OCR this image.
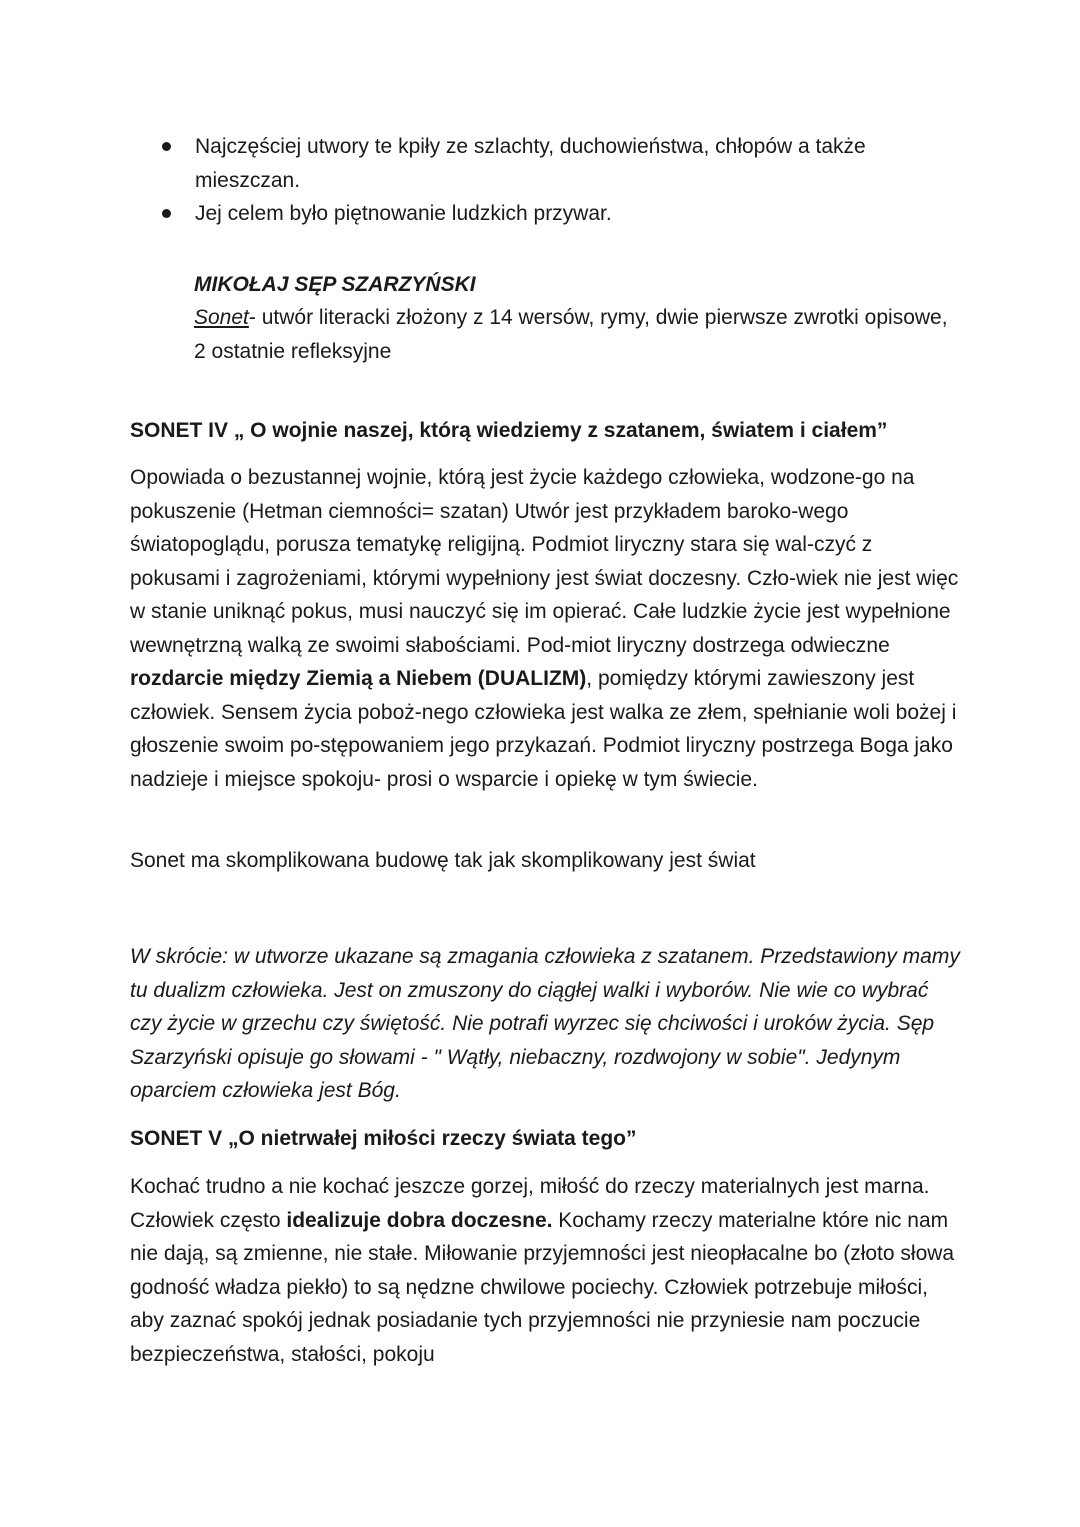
Najczęściej utwory te kpiły ze szlachty, duchowieństwa, chłopów a także mieszczan.
Jej celem było piętnowanie ludzkich przywar.

MIKOŁAJ SĘP SZARZYŃSKI

Sonet- utwór literacki złożony z 14 wersów, rymy, dwie pierwsze zwrotki opisowe, 2 ostatnie refleksyjne

SONET IV „ O wojnie naszej, którą wiedziemy z szatanem, światem i ciałem”

Opowiada o bezustannej wojnie, którą jest życie każdego człowieka, wodzone-go na pokuszenie (Hetman ciemności= szatan) Utwór jest przykładem baroko-wego światopoglądu, porusza tematykę religijną. Podmiot liryczny stara się wal-czyć z pokusami i zagrożeniami, którymi wypełniony jest świat doczesny. Czło-wiek nie jest więc w stanie uniknąć pokus, musi nauczyć się im opierać. Całe ludzkie życie jest wypełnione wewnętrzną walką ze swoimi słabościami. Pod-miot liryczny dostrzega odwieczne rozdarcie między Ziemią a Niebem (DUALIZM), pomiędzy którymi zawieszony jest człowiek. Sensem życia poboż-nego człowieka jest walka ze złem, spełnianie woli bożej i głoszenie swoim po-stępowaniem jego przykazań. Podmiot liryczny postrzega Boga jako nadzieje i miejsce spokoju- prosi o wsparcie i opiekę w tym świecie.

Sonet ma skomplikowana budowę tak jak skomplikowany jest świat

W skrócie: w utworze ukazane są zmagania człowieka z szatanem. Przedstawiony mamy tu dualizm człowieka. Jest on zmuszony do ciągłej walki i wyborów. Nie wie co wybrać czy życie w grzechu czy świętość. Nie potrafi wyrzec się chciwości i uroków życia. Sęp Szarzyński opisuje go słowami - " Wątły, niebaczny, rozdwojony w sobie". Jedynym oparciem człowieka jest Bóg.

SONET V „O nietrwałej miłości rzeczy świata tego”

Kochać trudno a nie kochać jeszcze gorzej, miłość do rzeczy materialnych jest marna. Człowiek często idealizuje dobra doczesne. Kochamy rzeczy materialne które nic nam nie dają, są zmienne, nie stałe. Miłowanie przyjemności jest nieopłacalne bo (złoto słowa godność władza piekło) to są nędzne chwilowe pociechy. Człowiek potrzebuje miłości, aby zaznać spokój jednak posiadanie tych przyjemności nie przyniesie nam poczucie bezpieczeństwa, stałości, pokoju
